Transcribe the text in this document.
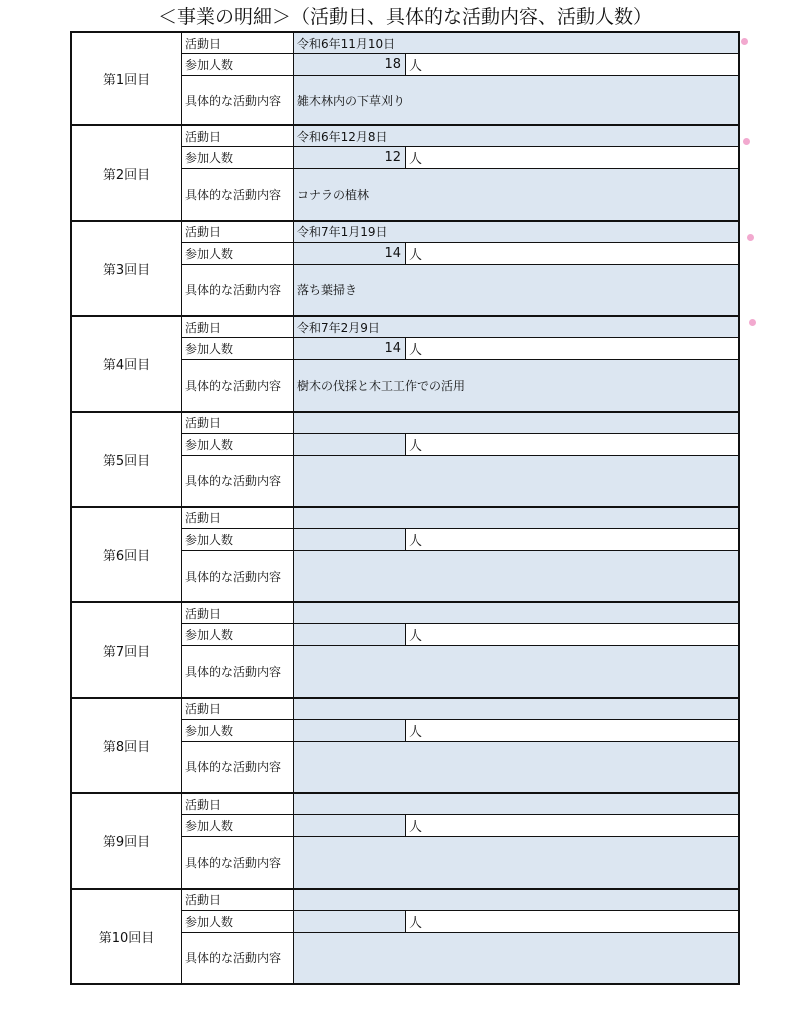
＜事業の明細＞（活動日、具体的な活動内容、活動人数）
第1回目
活動日	令和6年11月10日
参加人数	18 人
具体的な活動内容	雑木林内の下草刈り
第2回目
活動日	令和6年12月8日
参加人数	12 人
具体的な活動内容	コナラの植林
第3回目
活動日	令和7年1月19日
参加人数	14 人
具体的な活動内容	落ち葉掃き
第4回目
活動日	令和7年2月9日
参加人数	14 人
具体的な活動内容	樹木の伐採と木工工作での活用
第5回目
活動日
参加人数	人
具体的な活動内容
第6回目
活動日
参加人数	人
具体的な活動内容
第7回目
活動日
参加人数	人
具体的な活動内容
第8回目
活動日
参加人数	人
具体的な活動内容
第9回目
活動日
参加人数	人
具体的な活動内容
第10回目
活動日
参加人数	人
具体的な活動内容
